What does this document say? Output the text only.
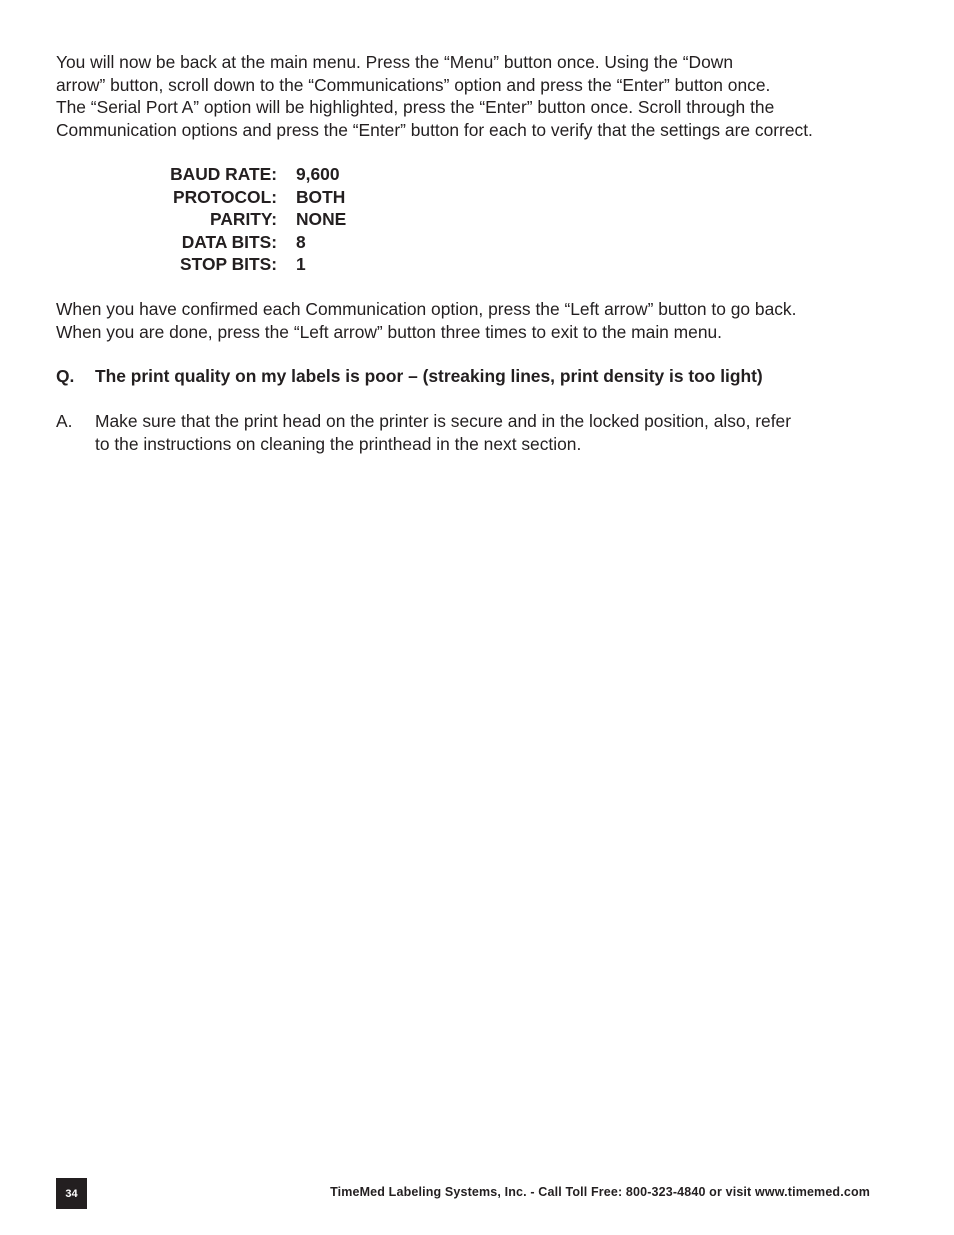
You will now be back at the main menu. Press the “Menu” button once. Using the “Down
arrow” button, scroll down to the “Communications” option and press the “Enter” button once.
The “Serial Port A” option will be highlighted, press the “Enter” button once. Scroll through the
Communication options and press the “Enter” button for each to verify that the settings are correct.
BAUD RATE: 9,600
PROTOCOL: BOTH
PARITY: NONE
DATA BITS: 8
STOP BITS: 1
When you have confirmed each Communication option, press the “Left arrow” button to go back.
When you are done, press the “Left arrow” button three times to exit to the main menu.
Q.	The print quality on my labels is poor – (streaking lines, print density is too light)
A.	Make sure that the print head on the printer is secure and in the locked position, also, refer
to the instructions on cleaning the printhead in the next section.
34	TimeMed Labeling Systems, Inc. - Call Toll Free: 800-323-4840 or visit www.timemed.com
